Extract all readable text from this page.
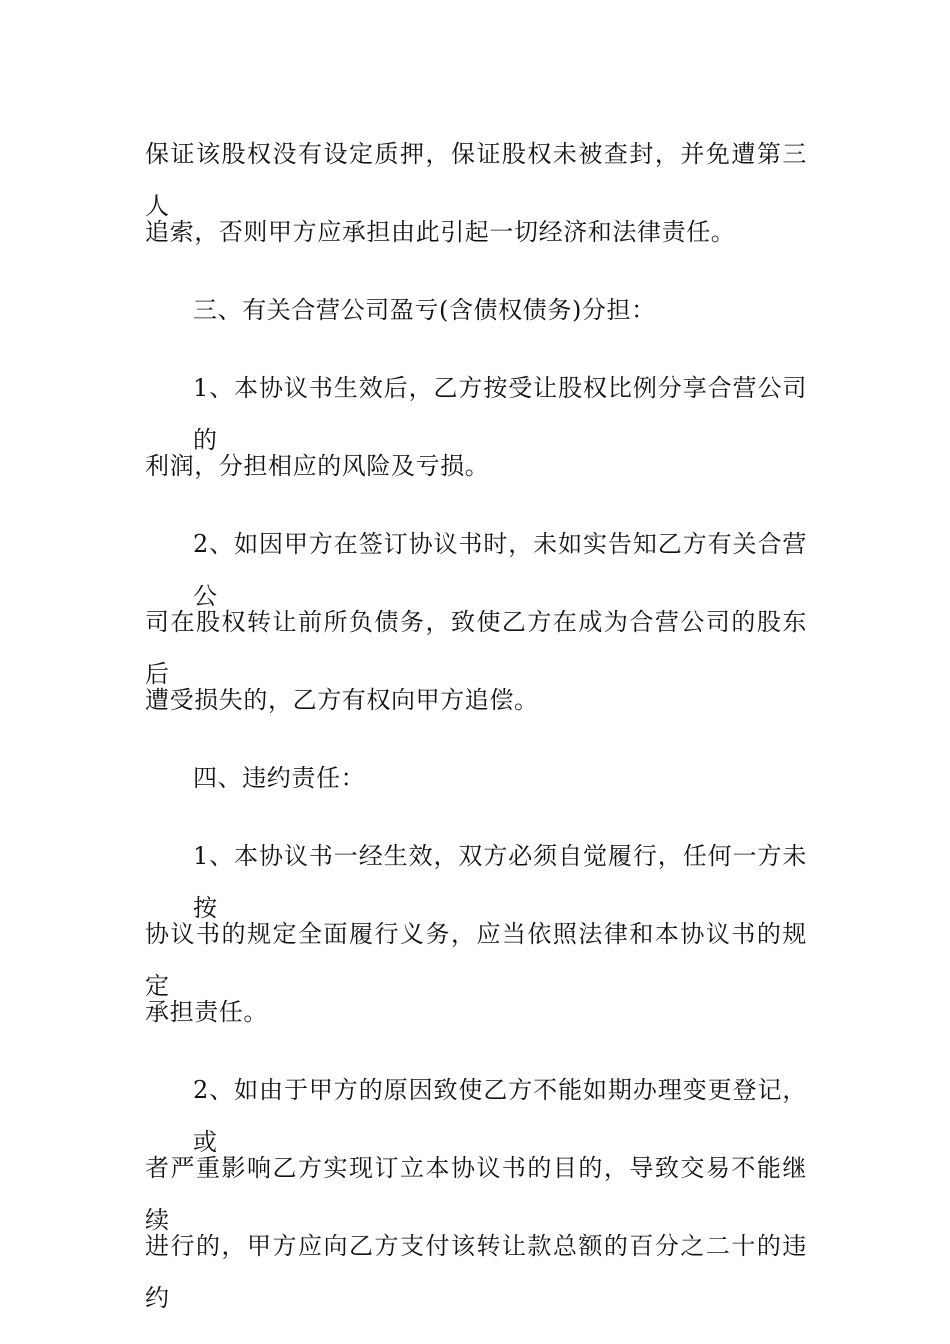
保证该股权没有设定质押，保证股权未被查封，并免遭第三人
追索，否则甲方应承担由此引起一切经济和法律责任。
三、有关合营公司盈亏(含债权债务)分担：
1、本协议书生效后，乙方按受让股权比例分享合营公司的
利润，分担相应的风险及亏损。
2、如因甲方在签订协议书时，未如实告知乙方有关合营公
司在股权转让前所负债务，致使乙方在成为合营公司的股东后
遭受损失的，乙方有权向甲方追偿。
四、违约责任：
1、本协议书一经生效，双方必须自觉履行，任何一方未按
协议书的规定全面履行义务，应当依照法律和本协议书的规定
承担责任。
2、如由于甲方的原因致使乙方不能如期办理变更登记，或
者严重影响乙方实现订立本协议书的目的，导致交易不能继续
进行的，甲方应向乙方支付该转让款总额的百分之二十的违约
